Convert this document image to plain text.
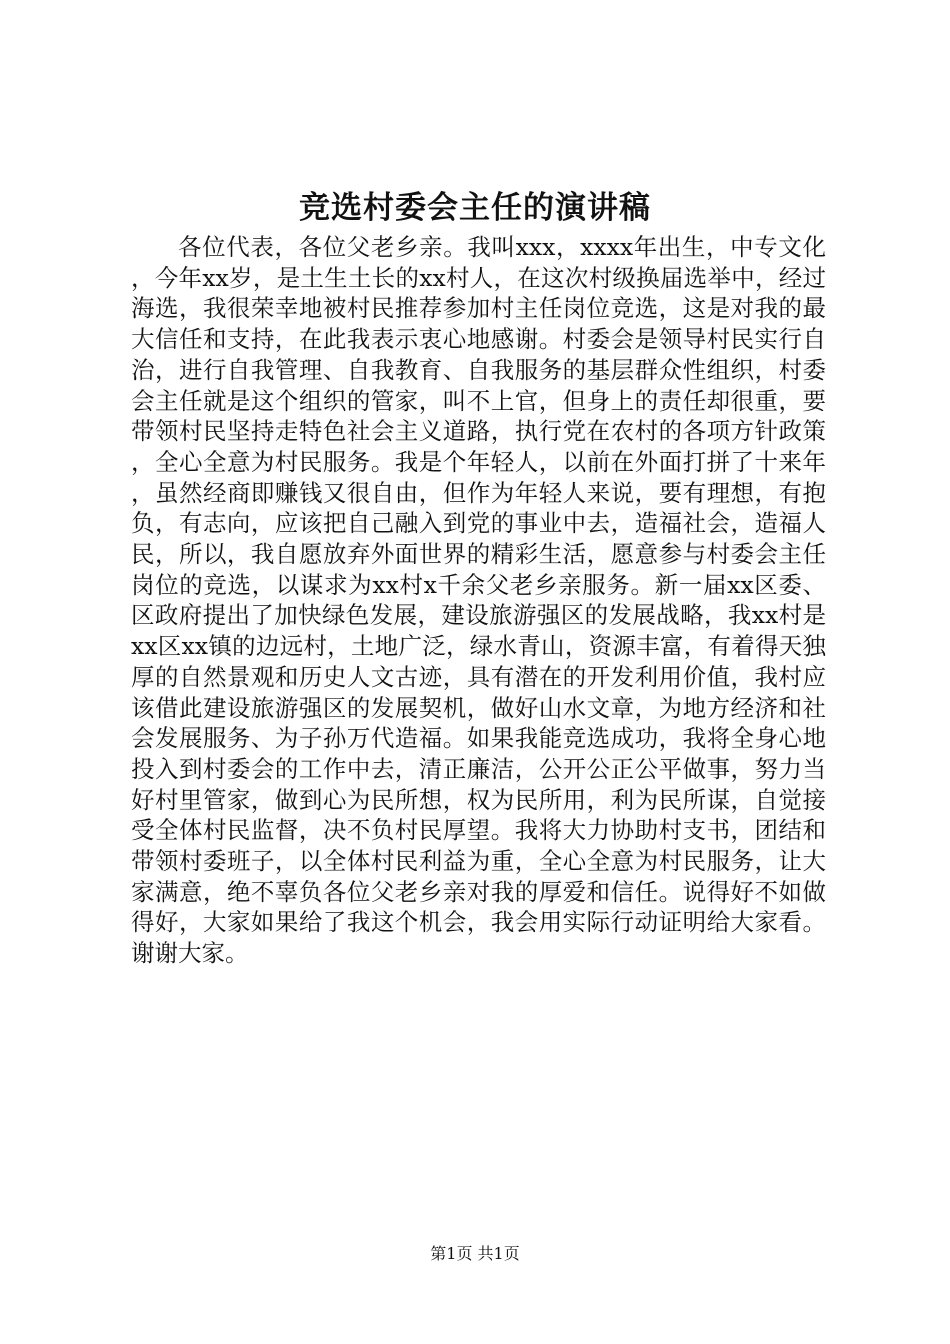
竞选村委会主任的演讲稿

各位代表，各位父老乡亲。我叫xxx，xxxx年出生，中专文化，今年xx岁，是土生土长的xx村人，在这次村级换届选举中，经过海选，我很荣幸地被村民推荐参加村主任岗位竞选，这是对我的最大信任和支持，在此我表示衷心地感谢。村委会是领导村民实行自治，进行自我管理、自我教育、自我服务的基层群众性组织，村委会主任就是这个组织的管家，叫不上官，但身上的责任却很重，要带领村民坚持走特色社会主义道路，执行党在农村的各项方针政策，全心全意为村民服务。我是个年轻人，以前在外面打拼了十来年，虽然经商即赚钱又很自由，但作为年轻人来说，要有理想，有抱负，有志向，应该把自己融入到党的事业中去，造福社会，造福人民，所以，我自愿放弃外面世界的精彩生活，愿意参与村委会主任岗位的竞选，以谋求为xx村x千余父老乡亲服务。新一届xx区委、区政府提出了加快绿色发展，建设旅游强区的发展战略，我xx村是xx区xx镇的边远村，土地广泛，绿水青山，资源丰富，有着得天独厚的自然景观和历史人文古迹，具有潜在的开发利用价值，我村应该借此建设旅游强区的发展契机，做好山水文章，为地方经济和社会发展服务、为子孙万代造福。如果我能竞选成功，我将全身心地投入到村委会的工作中去，清正廉洁，公开公正公平做事，努力当好村里管家，做到心为民所想，权为民所用，利为民所谋，自觉接受全体村民监督，决不负村民厚望。我将大力协助村支书，团结和带领村委班子，以全体村民利益为重，全心全意为村民服务，让大家满意，绝不辜负各位父老乡亲对我的厚爱和信任。说得好不如做得好，大家如果给了我这个机会，我会用实际行动证明给大家看。谢谢大家。

第1页 共1页
